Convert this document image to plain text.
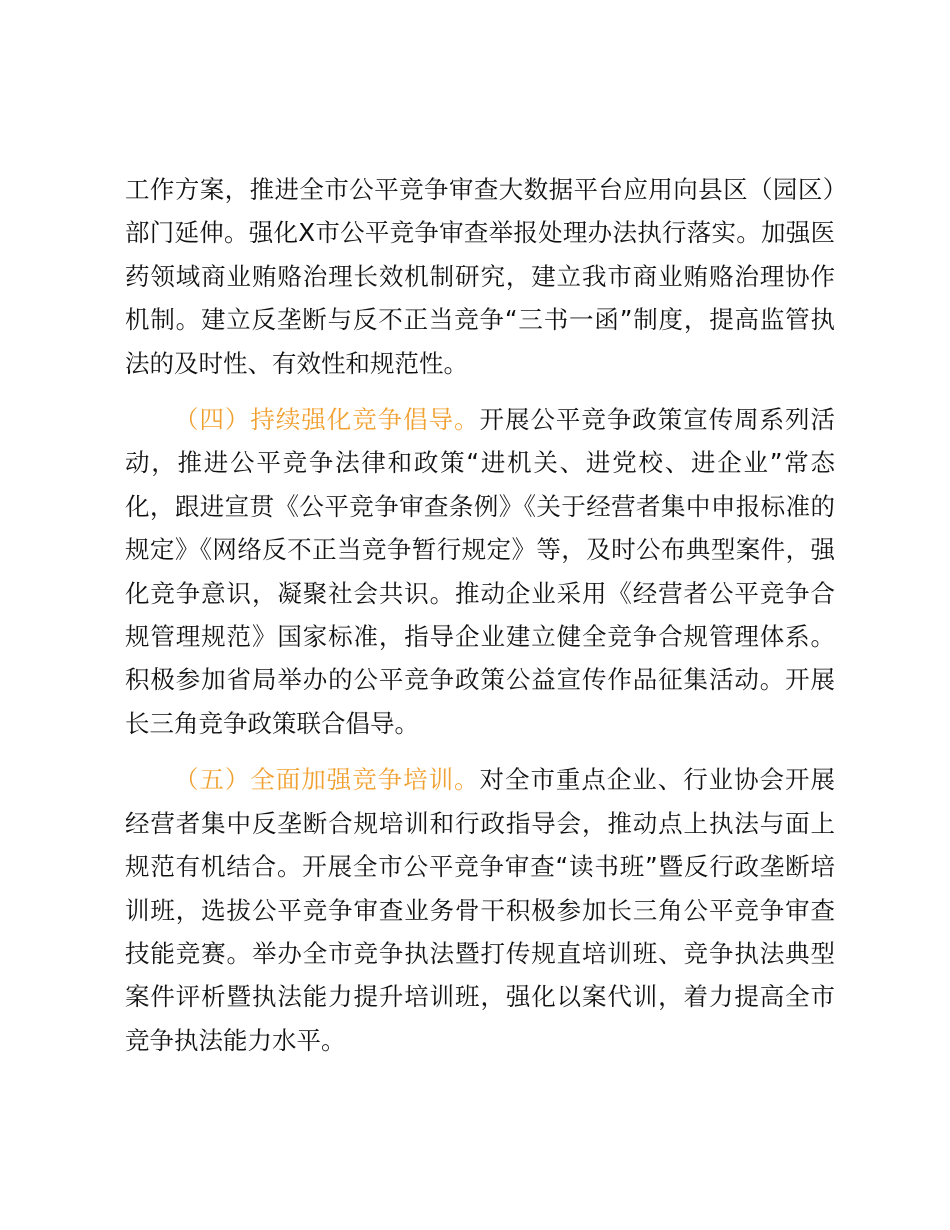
工作方案，推进全市公平竞争审查大数据平台应用向县区（园区）部门延伸。强化X市公平竞争审查举报处理办法执行落实。加强医药领域商业贿赂治理长效机制研究，建立我市商业贿赂治理协作机制。建立反垄断与反不正当竞争“三书一函”制度，提高监管执法的及时性、有效性和规范性。

（四）持续强化竞争倡导。开展公平竞争政策宣传周系列活动，推进公平竞争法律和政策“进机关、进党校、进企业”常态化，跟进宣贯《公平竞争审查条例》《关于经营者集中申报标准的规定》《网络反不正当竞争暂行规定》等，及时公布典型案件，强化竞争意识，凝聚社会共识。推动企业采用《经营者公平竞争合规管理规范》国家标准，指导企业建立健全竞争合规管理体系。积极参加省局举办的公平竞争政策公益宣传作品征集活动。开展长三角竞争政策联合倡导。

（五）全面加强竞争培训。对全市重点企业、行业协会开展经营者集中反垄断合规培训和行政指导会，推动点上执法与面上规范有机结合。开展全市公平竞争审查“读书班”暨反行政垄断培训班，选拔公平竞争审查业务骨干积极参加长三角公平竞争审查技能竞赛。举办全市竞争执法暨打传规直培训班、竞争执法典型案件评析暨执法能力提升培训班，强化以案代训，着力提高全市竞争执法能力水平。
